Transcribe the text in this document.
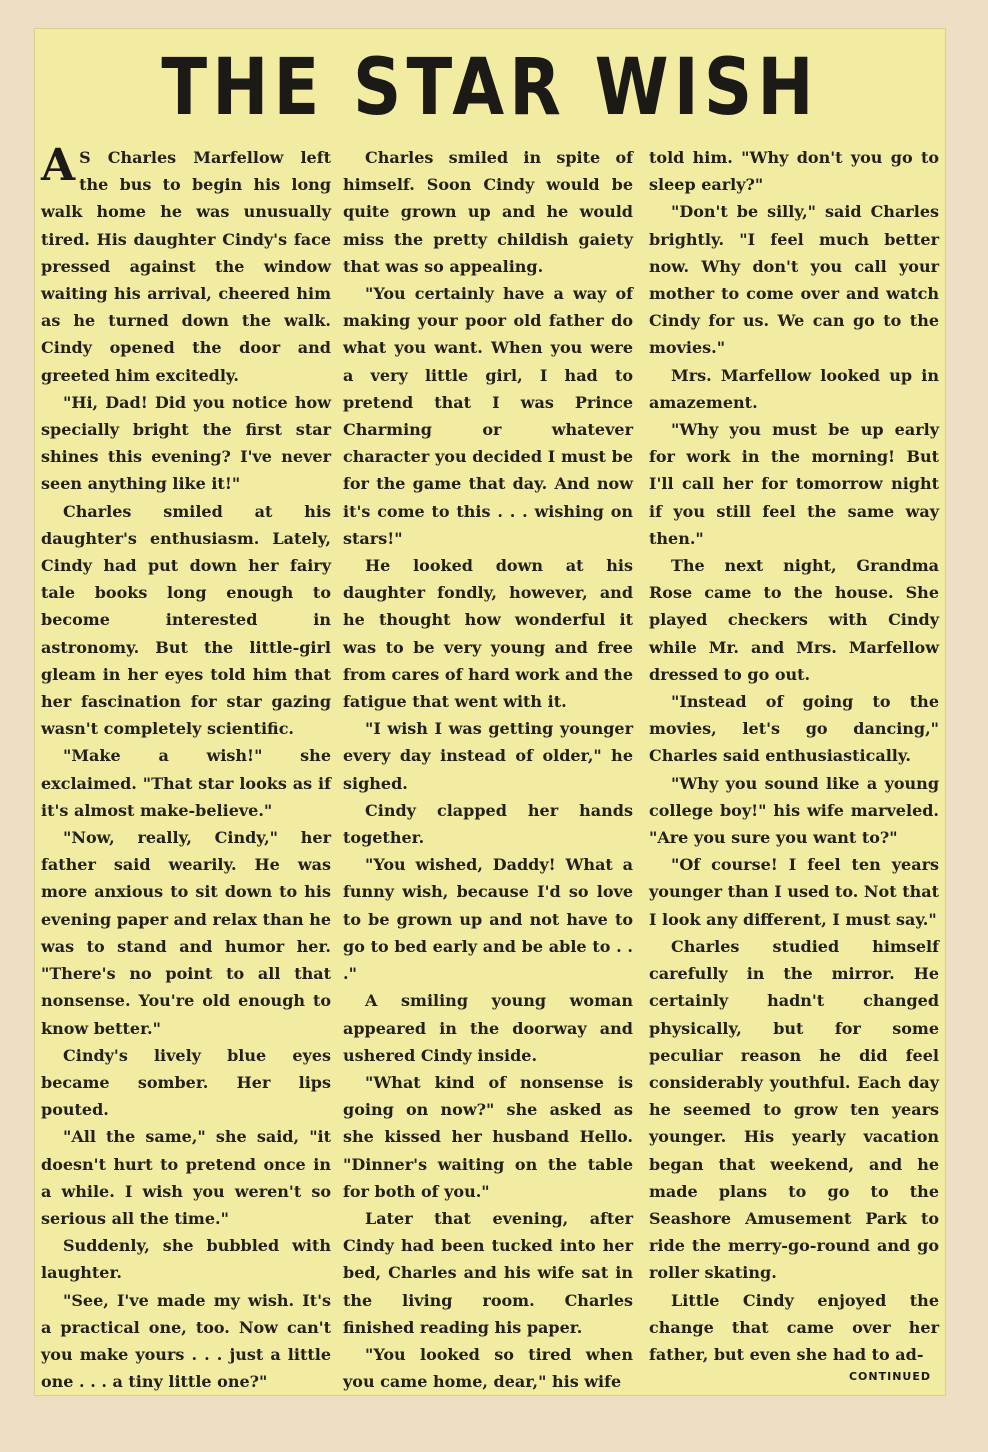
THE STAR WISH

A S Charles Marfellow left the bus to begin his long walk home he was unusually tired. His daughter Cindy's face pressed against the window waiting his arrival, cheered him as he turned down the walk. Cindy opened the door and greeted him excitedly.

"Hi, Dad! Did you notice how specially bright the first star shines this evening? I've never seen anything like it!"

Charles smiled at his daughter's enthusiasm. Lately, Cindy had put down her fairy tale books long enough to become interested in astronomy. But the little-girl gleam in her eyes told him that her fascination for star gazing wasn't completely scientific.

"Make a wish!" she exclaimed. "That star looks as if it's almost make-believe."

"Now, really, Cindy," her father said wearily. He was more anxious to sit down to his evening paper and relax than he was to stand and humor her. "There's no point to all that nonsense. You're old enough to know better."

Cindy's lively blue eyes became somber. Her lips pouted.

"All the same," she said, "it doesn't hurt to pretend once in a while. I wish you weren't so serious all the time."

Suddenly, she bubbled with laughter.

"See, I've made my wish. It's a practical one, too. Now can't you make yours . . . just a little one . . . a tiny little one?"

Charles smiled in spite of himself. Soon Cindy would be quite grown up and he would miss the pretty childish gaiety that was so appealing.

"You certainly have a way of making your poor old father do what you want. When you were a very little girl, I had to pretend that I was Prince Charming or whatever character you decided I must be for the game that day. And now it's come to this . . . wishing on stars!"

He looked down at his daughter fondly, however, and he thought how wonderful it was to be very young and free from cares of hard work and the fatigue that went with it.

"I wish I was getting younger every day instead of older," he sighed.

Cindy clapped her hands together.

"You wished, Daddy! What a funny wish, because I'd so love to be grown up and not have to go to bed early and be able to . . ."

A smiling young woman appeared in the doorway and ushered Cindy inside.

"What kind of nonsense is going on now?" she asked as she kissed her husband Hello. "Dinner's waiting on the table for both of you."

Later that evening, after Cindy had been tucked into her bed, Charles and his wife sat in the living room. Charles finished reading his paper.

"You looked so tired when you came home, dear," his wife

told him. "Why don't you go to sleep early?"

"Don't be silly," said Charles brightly. "I feel much better now. Why don't you call your mother to come over and watch Cindy for us. We can go to the movies."

Mrs. Marfellow looked up in amazement.

"Why you must be up early for work in the morning! But I'll call her for tomorrow night if you still feel the same way then."

The next night, Grandma Rose came to the house. She played checkers with Cindy while Mr. and Mrs. Marfellow dressed to go out.

"Instead of going to the movies, let's go dancing," Charles said enthusiastically.

"Why you sound like a young college boy!" his wife marveled. "Are you sure you want to?"

"Of course! I feel ten years younger than I used to. Not that I look any different, I must say."

Charles studied himself carefully in the mirror. He certainly hadn't changed physically, but for some peculiar reason he did feel considerably youthful. Each day he seemed to grow ten years younger. His yearly vacation began that weekend, and he made plans to go to the Seashore Amusement Park to ride the merry-go-round and go roller skating.

Little Cindy enjoyed the change that came over her father, but even she had to ad-

CONTINUED
